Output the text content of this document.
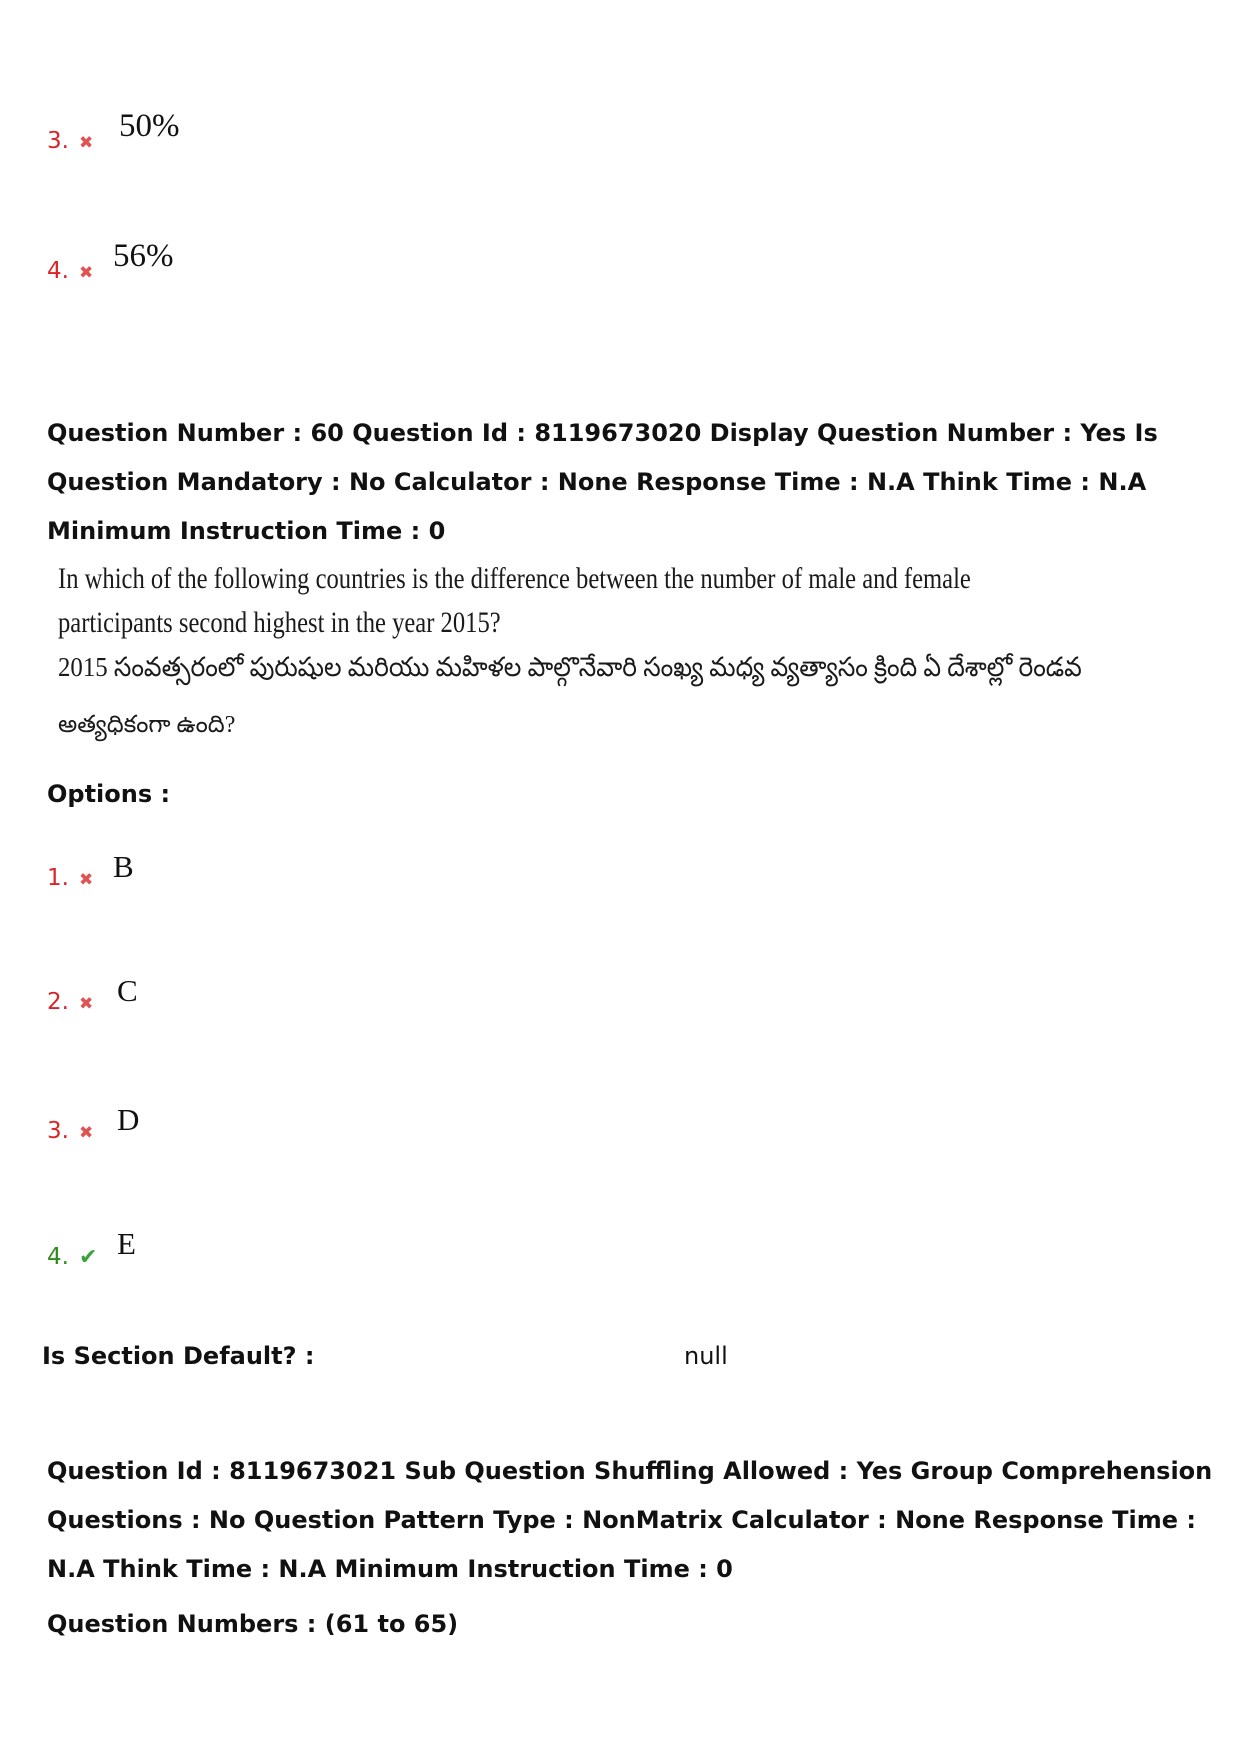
3. ✖ 50%
4. ✖ 56%
Question Number : 60 Question Id : 8119673020 Display Question Number : Yes Is Question Mandatory : No Calculator : None Response Time : N.A Think Time : N.A Minimum Instruction Time : 0
In which of the following countries is the difference between the number of male and female
participants second highest in the year 2015?
2015 సంవత్సరంలో పురుషుల మరియు మహిళల పాల్గొనేవారి సంఖ్య మధ్య వ్యత్యాసం క్రింది ఏ దేశాల్లో రెండవ
అత్యధికంగా ఉంది?
Options :
1. ✖ B
2. ✖ C
3. ✖ D
4. ✔ E
Is Section Default? :	null
Question Id : 8119673021 Sub Question Shuffling Allowed : Yes Group Comprehension Questions : No Question Pattern Type : NonMatrix Calculator : None Response Time : N.A Think Time : N.A Minimum Instruction Time : 0
Question Numbers : (61 to 65)
